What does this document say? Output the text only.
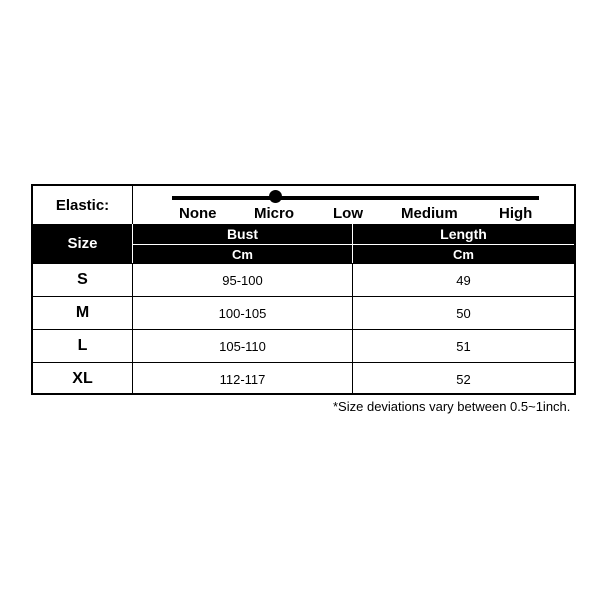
Elastic:	None	Micro	Low	Medium	High
Size
Bust	Length
Cm	Cm
S	95-100	49
M	100-105	50
L	105-110	51
XL	112-117	52
*Size deviations vary between 0.5~1inch.
